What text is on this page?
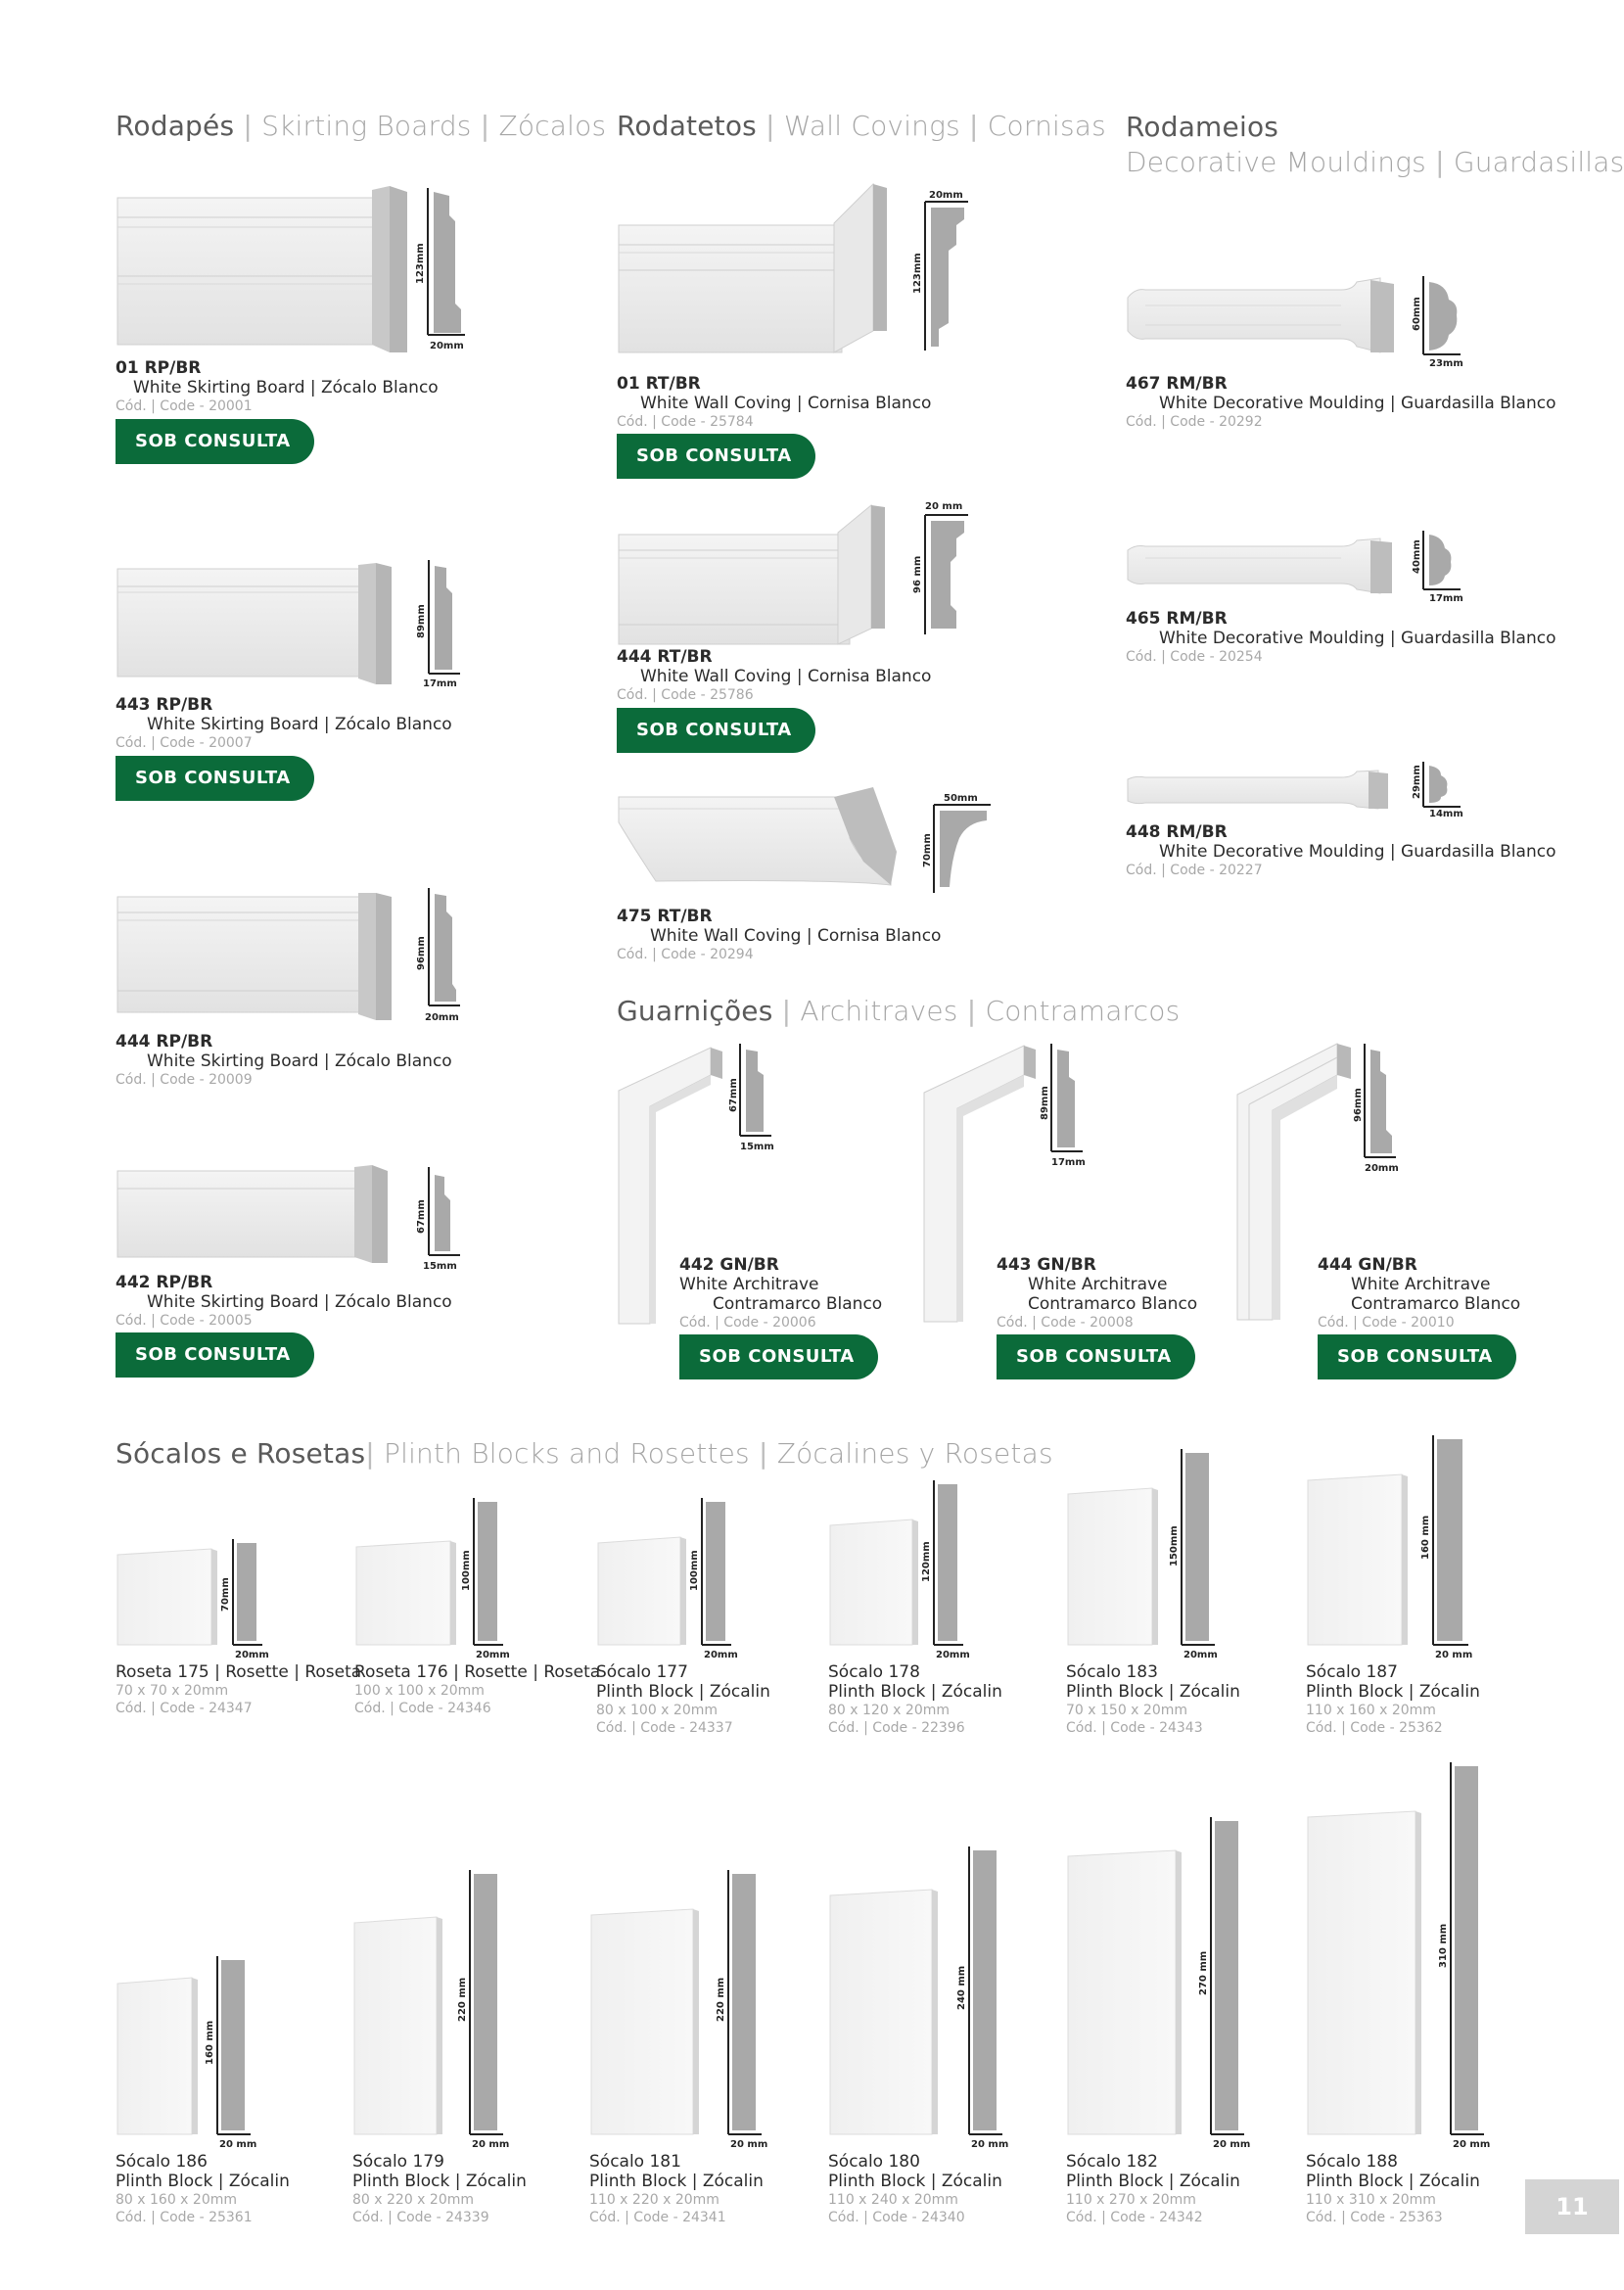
Rodapés | Skirting Boards | Zócalos Rodatetos | Wall Covings | Cornisas Rodameios
Decorative Mouldings | Guardasillas
Guarnições | Architraves | Contramarcos
Sócalos e Rosetas| Plinth Blocks and Rosettes | Zócalines y Rosetas
123mm
20mm
01 RP/BR
White Skirting Board | Zócalo Blanco
Cód. | Code - 20001
SOB CONSULTA
89mm
17mm
443 RP/BR
White Skirting Board | Zócalo Blanco
Cód. | Code - 20007
SOB CONSULTA
96mm
20mm
444 RP/BR
White Skirting Board | Zócalo Blanco
Cód. | Code - 20009
67mm
15mm
442 RP/BR
White Skirting Board | Zócalo Blanco
Cód. | Code - 20005
SOB CONSULTA
123mm
20mm
01 RT/BR
White Wall Coving | Cornisa Blanco
Cód. | Code - 25784
SOB CONSULTA
96 mm
20 mm
444 RT/BR
White Wall Coving | Cornisa Blanco
Cód. | Code - 25786
SOB CONSULTA
70mm
50mm
475 RT/BR
White Wall Coving | Cornisa Blanco
Cód. | Code - 20294
60mm
23mm
467 RM/BR
White Decorative Moulding | Guardasilla Blanco
Cód. | Code - 20292
40mm
17mm
465 RM/BR
White Decorative Moulding | Guardasilla Blanco
Cód. | Code - 20254
29mm
14mm
448 RM/BR
White Decorative Moulding | Guardasilla Blanco
Cód. | Code - 20227
67mm
15mm
442 GN/BR
White Architrave
Contramarco Blanco
Cód. | Code - 20006
SOB CONSULTA
89mm
17mm
443 GN/BR
White Architrave
Contramarco Blanco
Cód. | Code - 20008
SOB CONSULTA
96mm
20mm
444 GN/BR
White Architrave
Contramarco Blanco
Cód. | Code - 20010
SOB CONSULTA
70mm
20mm
Roseta 175 | Rosette | Roseta
70 x 70 x 20mm
Cód. | Code - 24347
100mm
20mm
Roseta 176 | Rosette | Roseta
100 x 100 x 20mm
Cód. | Code - 24346
100mm
20mm
Sócalo 177
Plinth Block | Zócalin
80 x 100 x 20mm
Cód. | Code - 24337
120mm
20mm
Sócalo 178
Plinth Block | Zócalin
80 x 120 x 20mm
Cód. | Code - 22396
150mm
20mm
Sócalo 183
Plinth Block | Zócalin
70 x 150 x 20mm
Cód. | Code - 24343
160 mm
20 mm
Sócalo 187
Plinth Block | Zócalin
110 x 160 x 20mm
Cód. | Code - 25362
160 mm
20 mm
Sócalo 186
Plinth Block | Zócalin
80 x 160 x 20mm
Cód. | Code - 25361
220 mm
20 mm
Sócalo 179
Plinth Block | Zócalin
80 x 220 x 20mm
Cód. | Code - 24339
220 mm
20 mm
Sócalo 181
Plinth Block | Zócalin
110 x 220 x 20mm
Cód. | Code - 24341
240 mm
20 mm
Sócalo 180
Plinth Block | Zócalin
110 x 240 x 20mm
Cód. | Code - 24340
270 mm
20 mm
Sócalo 182
Plinth Block | Zócalin
110 x 270 x 20mm
Cód. | Code - 24342
310 mm
20 mm
Sócalo 188
Plinth Block | Zócalin
110 x 310 x 20mm
Cód. | Code - 25363	11
